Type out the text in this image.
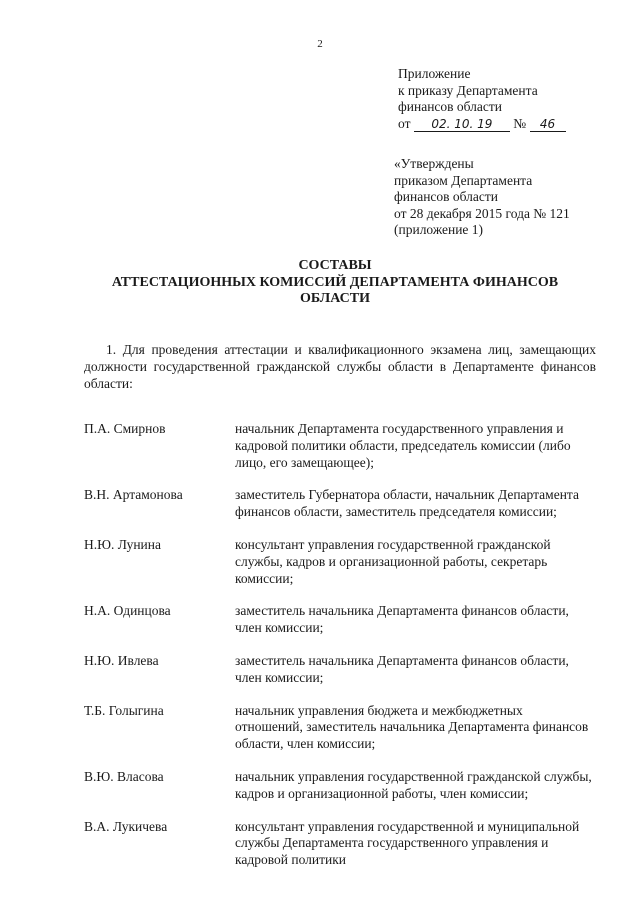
2
Приложение
к приказу Департамента
финансов области
от 02. 10. 19 № 46
«Утверждены
приказом Департамента
финансов области
от 28 декабря 2015 года № 121
(приложение 1)
СОСТАВЫ
АТТЕСТАЦИОННЫХ КОМИССИЙ ДЕПАРТАМЕНТА ФИНАНСОВ
ОБЛАСТИ
1. Для проведения аттестации и квалификационного экзамена лиц, замещающих должности государственной гражданской службы области в Департаменте финансов области:
П.А. Смирнов	начальник Департамента государственного управления и кадровой политики области, председатель комиссии (либо лицо, его замещающее);
В.Н. Артамонова	заместитель Губернатора области, начальник Департамента финансов области, заместитель председателя комиссии;
Н.Ю. Лунина	консультант управления государственной гражданской службы, кадров и организационной работы, секретарь комиссии;
Н.А. Одинцова	заместитель начальника Департамента финансов области, член комиссии;
Н.Ю. Ивлева	заместитель начальника Департамента финансов области, член комиссии;
Т.Б. Голыгина	начальник управления бюджета и межбюджетных отношений, заместитель начальника Департамента финансов области, член комиссии;
В.Ю. Власова	начальник управления государственной гражданской службы, кадров и организационной работы, член комиссии;
В.А. Лукичева	консультант управления государственной и муниципальной службы Департамента государственного управления и кадровой политики
